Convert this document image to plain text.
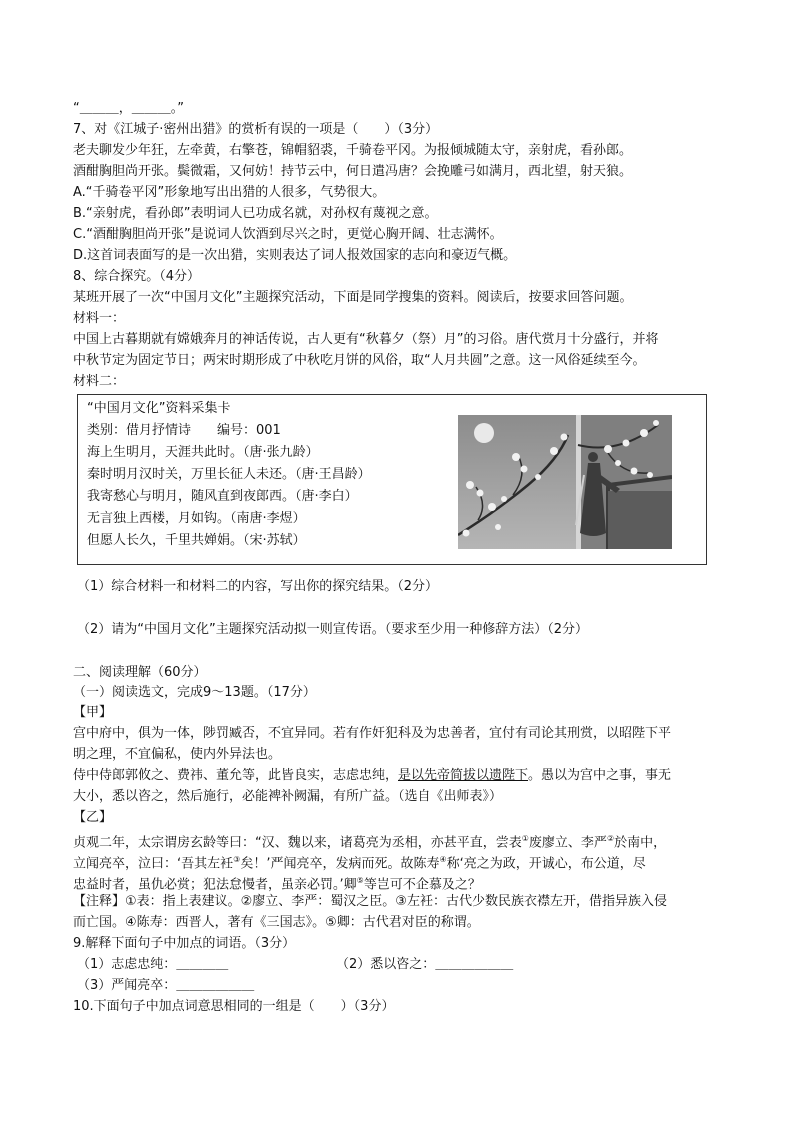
“＿＿＿，＿＿＿。”
7、对《江城子·密州出猎》的赏析有误的一项是（　　）（3分）
老夫聊发少年狂，左牵黄，右擎苍，锦帽貂裘，千骑卷平冈。为报倾城随太守，亲射虎，看孙郎。
酒酣胸胆尚开张。鬓微霜，又何妨！持节云中，何日遣冯唐？会挽雕弓如满月，西北望，射天狼。
A.“千骑卷平冈”形象地写出出猎的人很多，气势很大。
B.“亲射虎，看孙郎”表明词人已功成名就，对孙权有蔑视之意。
C.“酒酣胸胆尚开张”是说词人饮酒到尽兴之时，更觉心胸开阔、壮志满怀。
D.这首词表面写的是一次出猎，实则表达了词人报效国家的志向和豪迈气概。
8、综合探究。（4分）
某班开展了一次“中国月文化”主题探究活动，下面是同学搜集的资料。阅读后，按要求回答问题。
材料一：
中国上古暮期就有嫦娥奔月的神话传说，古人更有“秋暮夕（祭）月”的习俗。唐代赏月十分盛行，并将
中秋节定为固定节日；两宋时期形成了中秋吃月饼的风俗，取“人月共圆”之意。这一风俗延续至今。
材料二：
“中国月文化”资料采集卡
类别：借月抒情诗　　编号：001
海上生明月，天涯共此时。（唐·张九龄）
秦时明月汉时关，万里长征人未还。（唐·王昌龄）
我寄愁心与明月，随风直到夜郎西。（唐·李白）
无言独上西楼，月如钩。（南唐·李煜）
但愿人长久，千里共婵娟。（宋·苏轼）
（1）综合材料一和材料二的内容，写出你的探究结果。（2分）
（2）请为“中国月文化”主题探究活动拟一则宣传语。（要求至少用一种修辞方法）（2分）
二、阅读理解（60分）
（一）阅读选文，完成9～13题。（17分）
【甲】
宫中府中，俱为一体，陟罚臧否，不宜异同。若有作奸犯科及为忠善者，宜付有司论其刑赏，以昭陛下平
明之理，不宜偏私，使内外异法也。
侍中侍郎郭攸之、费祎、董允等，此皆良实，志虑忠纯，是以先帝简拔以遗陛下。愚以为宫中之事，事无
大小，悉以咨之，然后施行，必能裨补阙漏，有所广益。（选自《出师表》）
【乙】
贞观二年，太宗谓房玄龄等曰：“汉、魏以来，诸葛亮为丞相，亦甚平直，尝表①废廖立、李严②於南中，
立闻亮卒，泣曰：‘吾其左衽③矣！’严闻亮卒，发病而死。故陈寿④称‘亮之为政，开诚心，布公道，尽
忠益时者，虽仇必赏；犯法怠慢者，虽亲必罚。’卿⑤等岂可不企慕及之？
【注释】①表：指上表建议。②廖立、李严：蜀汉之臣。③左衽：古代少数民族衣襟左开，借指异族入侵
而亡国。④陈寿：西晋人，著有《三国志》。⑤卿：古代君对臣的称谓。
9.解释下面句子中加点的词语。（3分）
（1）志虑忠纯：＿＿＿＿	（2）悉以咨之：＿＿＿＿＿＿
（3）严闻亮卒：＿＿＿＿＿＿
10.下面句子中加点词意思相同的一组是（　　）（3分）
